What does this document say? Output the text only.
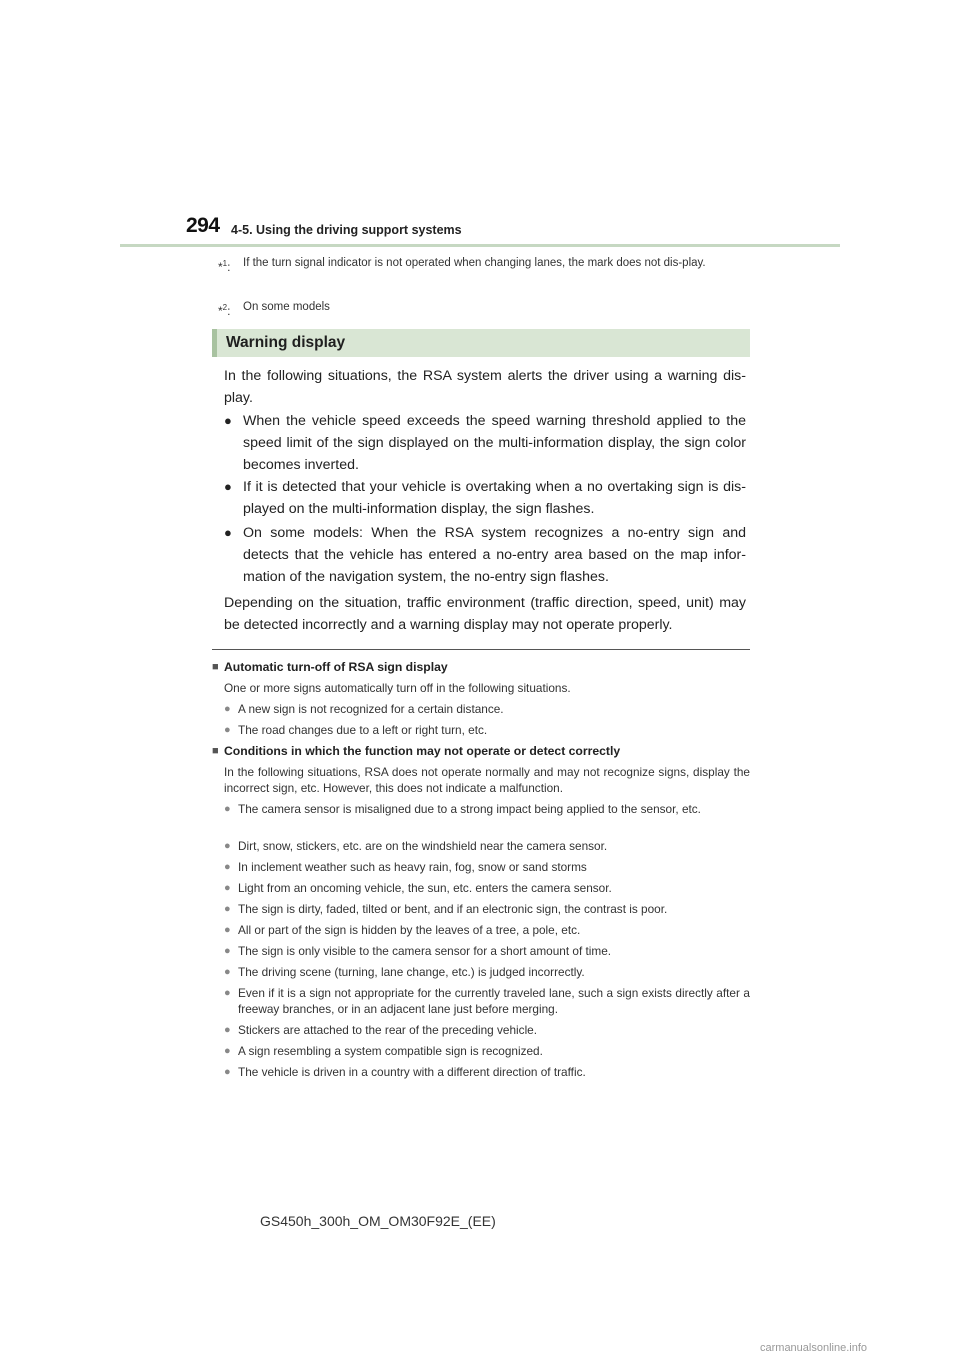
294 4-5. Using the driving support systems
*$^1$:	If the turn signal indicator is not operated when changing lanes, the mark does not dis-play.
*$^2$:	On some models
Warning display
In the following situations, the RSA system alerts the driver using a warning dis-play.
● When the vehicle speed exceeds the speed warning threshold applied to the speed limit of the sign displayed on the multi-information display, the sign color becomes inverted.
● If it is detected that your vehicle is overtaking when a no overtaking sign is dis-played on the multi-information display, the sign flashes.
● On some models: When the RSA system recognizes a no-entry sign and detects that the vehicle has entered a no-entry area based on the map infor-mation of the navigation system, the no-entry sign flashes.
Depending on the situation, traffic environment (traffic direction, speed, unit) may be detected incorrectly and a warning display may not operate properly.
■ Automatic turn-off of RSA sign display
One or more signs automatically turn off in the following situations.
● A new sign is not recognized for a certain distance.
● The road changes due to a left or right turn, etc.
■ Conditions in which the function may not operate or detect correctly
In the following situations, RSA does not operate normally and may not recognize signs, display the incorrect sign, etc. However, this does not indicate a malfunction.
● The camera sensor is misaligned due to a strong impact being applied to the sensor, etc.
● Dirt, snow, stickers, etc. are on the windshield near the camera sensor.
● In inclement weather such as heavy rain, fog, snow or sand storms
● Light from an oncoming vehicle, the sun, etc. enters the camera sensor.
● The sign is dirty, faded, tilted or bent, and if an electronic sign, the contrast is poor.
● All or part of the sign is hidden by the leaves of a tree, a pole, etc.
● The sign is only visible to the camera sensor for a short amount of time.
● The driving scene (turning, lane change, etc.) is judged incorrectly.
● Even if it is a sign not appropriate for the currently traveled lane, such a sign exists directly after a freeway branches, or in an adjacent lane just before merging.
● Stickers are attached to the rear of the preceding vehicle.
● A sign resembling a system compatible sign is recognized.
● The vehicle is driven in a country with a different direction of traffic.
GS450h_300h_OM_OM30F92E_(EE)
carmanualsonline.info
